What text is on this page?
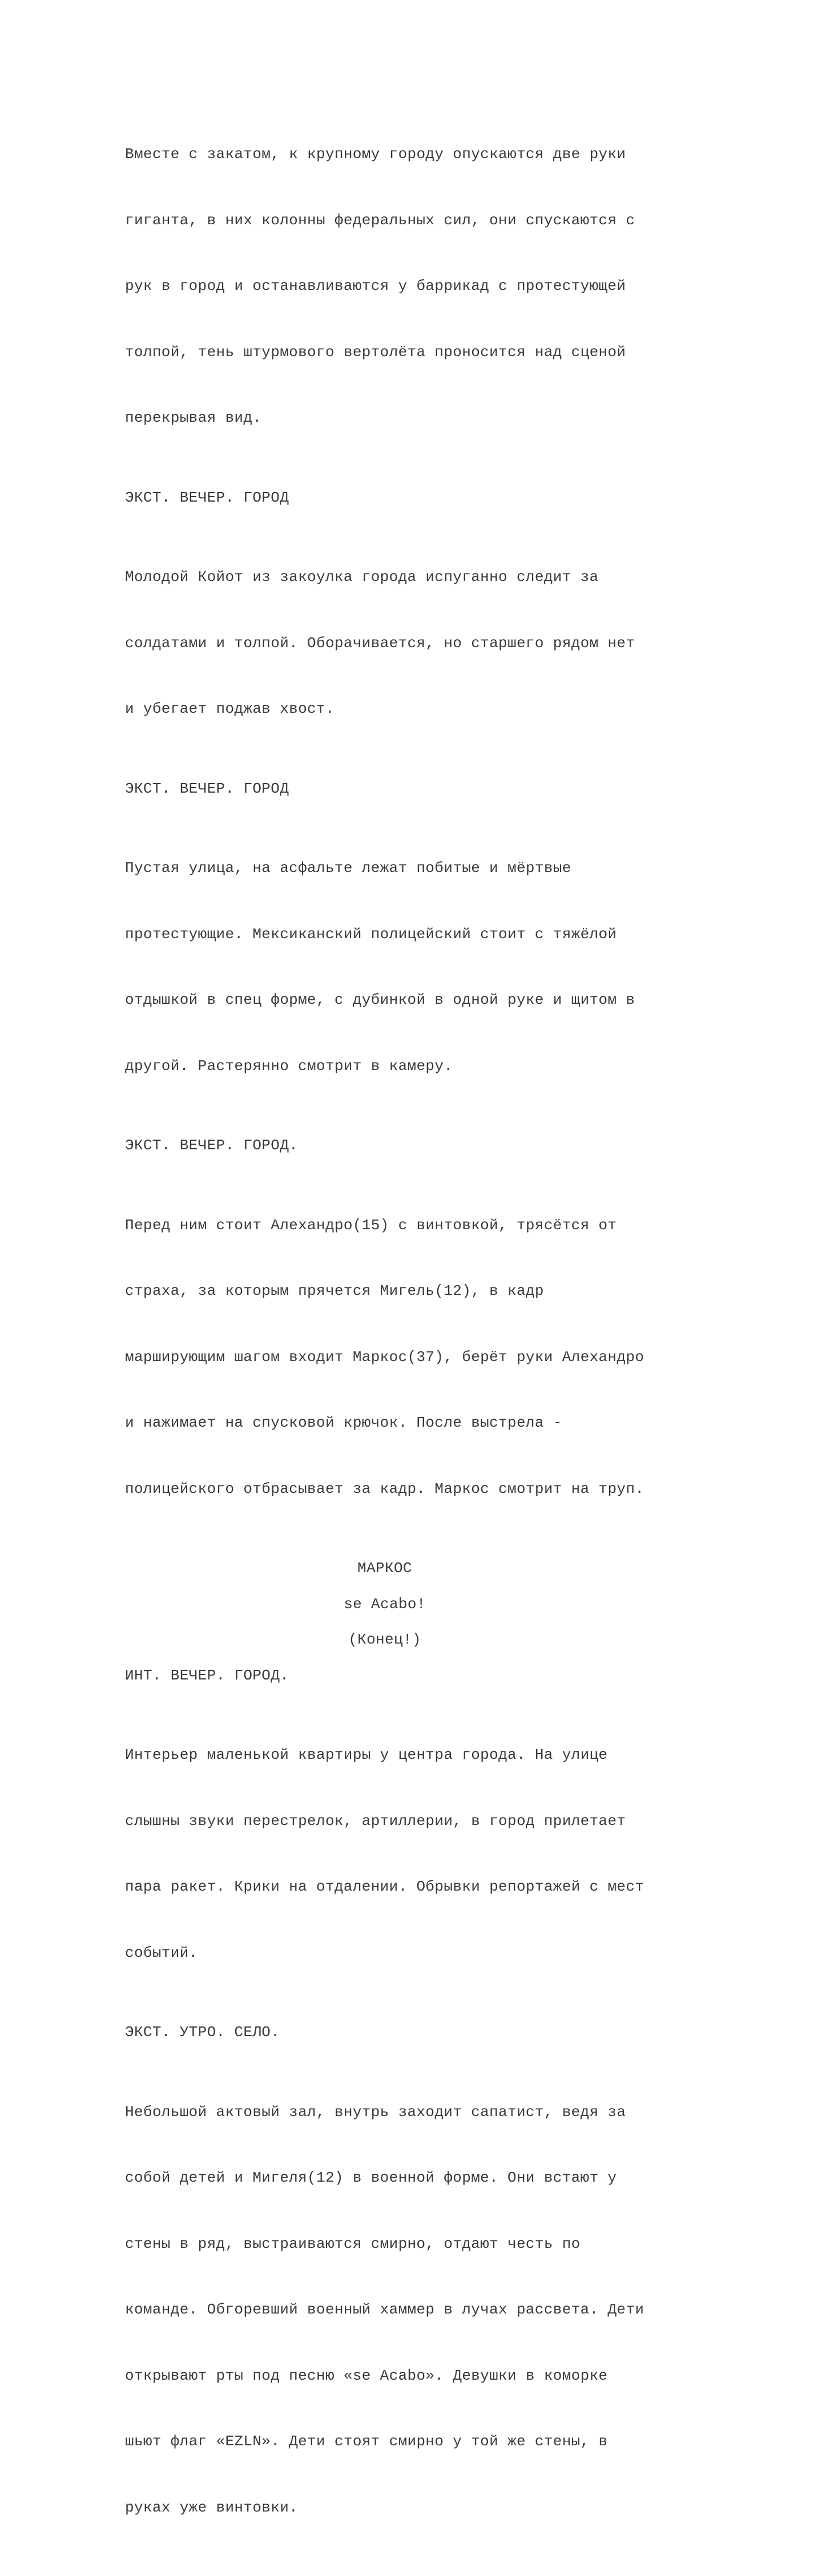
Вместе с закатом, к крупному городу опускаются две руки

гиганта, в них колонны федеральных сил, они спускаются с

рук в город и останавливаются у баррикад с протестующей

толпой, тень штурмового вертолёта проносится над сценой

перекрывая вид.

ЭКСТ. ВЕЧЕР. ГОРОД

Молодой Койот из закоулка города испуганно следит за

солдатами и толпой. Оборачивается, но старшего рядом нет

и убегает поджав хвост.

ЭКСТ. ВЕЧЕР. ГОРОД

Пустая улица, на асфальте лежат побитые и мёртвые

протестующие. Мексиканский полицейский стоит с тяжёлой

отдышкой в спец форме, с дубинкой в одной руке и щитом в

другой. Растерянно смотрит в камеру.

ЭКСТ. ВЕЧЕР. ГОРОД.

Перед ним стоит Алехандро(15) с винтовкой, трясётся от

страха, за которым прячется Мигель(12), в кадр

марширующим шагом входит Маркос(37), берёт руки Алехандро

и нажимает на спусковой крючок. После выстрела -

полицейского отбрасывает за кадр. Маркос смотрит на труп.

МАРКОС
se Acabo!
(Конец!)
ИНТ. ВЕЧЕР. ГОРОД.

Интерьер маленькой квартиры у центра города. На улице

слышны звуки перестрелок, артиллерии, в город прилетает

пара ракет. Крики на отдалении. Обрывки репортажей с мест

событий.

ЭКСТ. УТРО. СЕЛО.

Небольшой актовый зал, внутрь заходит сапатист, ведя за

собой детей и Мигеля(12) в военной форме. Они встают у

стены в ряд, выстраиваются смирно, отдают честь по

команде. Обгоревший военный хаммер в лучах рассвета. Дети

открывают рты под песню «se Acabo». Девушки в коморке

шьют флаг «EZLN». Дети стоят смирно у той же стены, в

руках уже винтовки.
